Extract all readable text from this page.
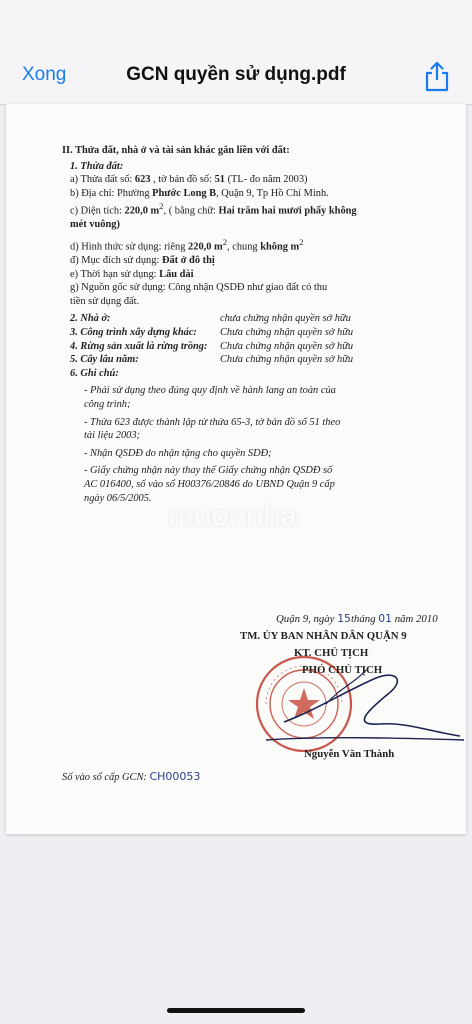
Xong	GCN quyền sử dụng.pdf
II. Thửa đất, nhà ở và tài sản khác gắn liền với đất:
1. Thửa đất:
a) Thửa đất số: 623 , tờ bản đồ số: 51 (TL- đo năm 2003)
b) Địa chỉ: Phường Phước Long B, Quận 9, Tp Hồ Chí Minh.
c) Diện tích: 220,0 $m^2$, ( bằng chữ: Hai trăm hai mươi phẩy không
mét vuông)
d) Hình thức sử dụng: riêng 220,0 $m^2$, chung không $m^2$
đ) Mục đích sử dụng: Đất ở đô thị
e) Thời hạn sử dụng: Lâu dài
g) Nguồn gốc sử dụng: Công nhận QSDĐ như giao đất có thu
tiền sử dụng đất.
2. Nhà ở:	chưa chứng nhận quyền sở hữu
3. Công trình xây dựng khác:	Chưa chứng nhận quyền sở hữu
4. Rừng sản xuất là rừng trồng:	Chưa chứng nhận quyền sở hữu
5. Cây lâu năm:	Chưa chứng nhận quyền sở hữu
6. Ghi chú:
- Phải sử dụng theo đúng quy định về hành lang an toàn của
công trình;
- Thửa 623 được thành lập từ thửa 65-3, tờ bản đồ số 51 theo
tài liệu 2003;
- Nhận QSDĐ do nhận tặng cho quyền SDĐ;
- Giấy chứng nhận này thay thế Giấy chứng nhận QSDĐ số
AC 016400, số vào sổ H00376/20846 do UBND Quận 9 cấp
ngày 06/5/2005.
muonnha
Quận 9, ngày 15tháng 01 năm 2010
TM. ỦY BAN NHÂN DÂN QUẬN 9
KT. CHỦ TỊCH
PHÓ CHỦ TỊCH
Nguyễn Văn Thành
Số vào sổ cấp GCN: CH00053
